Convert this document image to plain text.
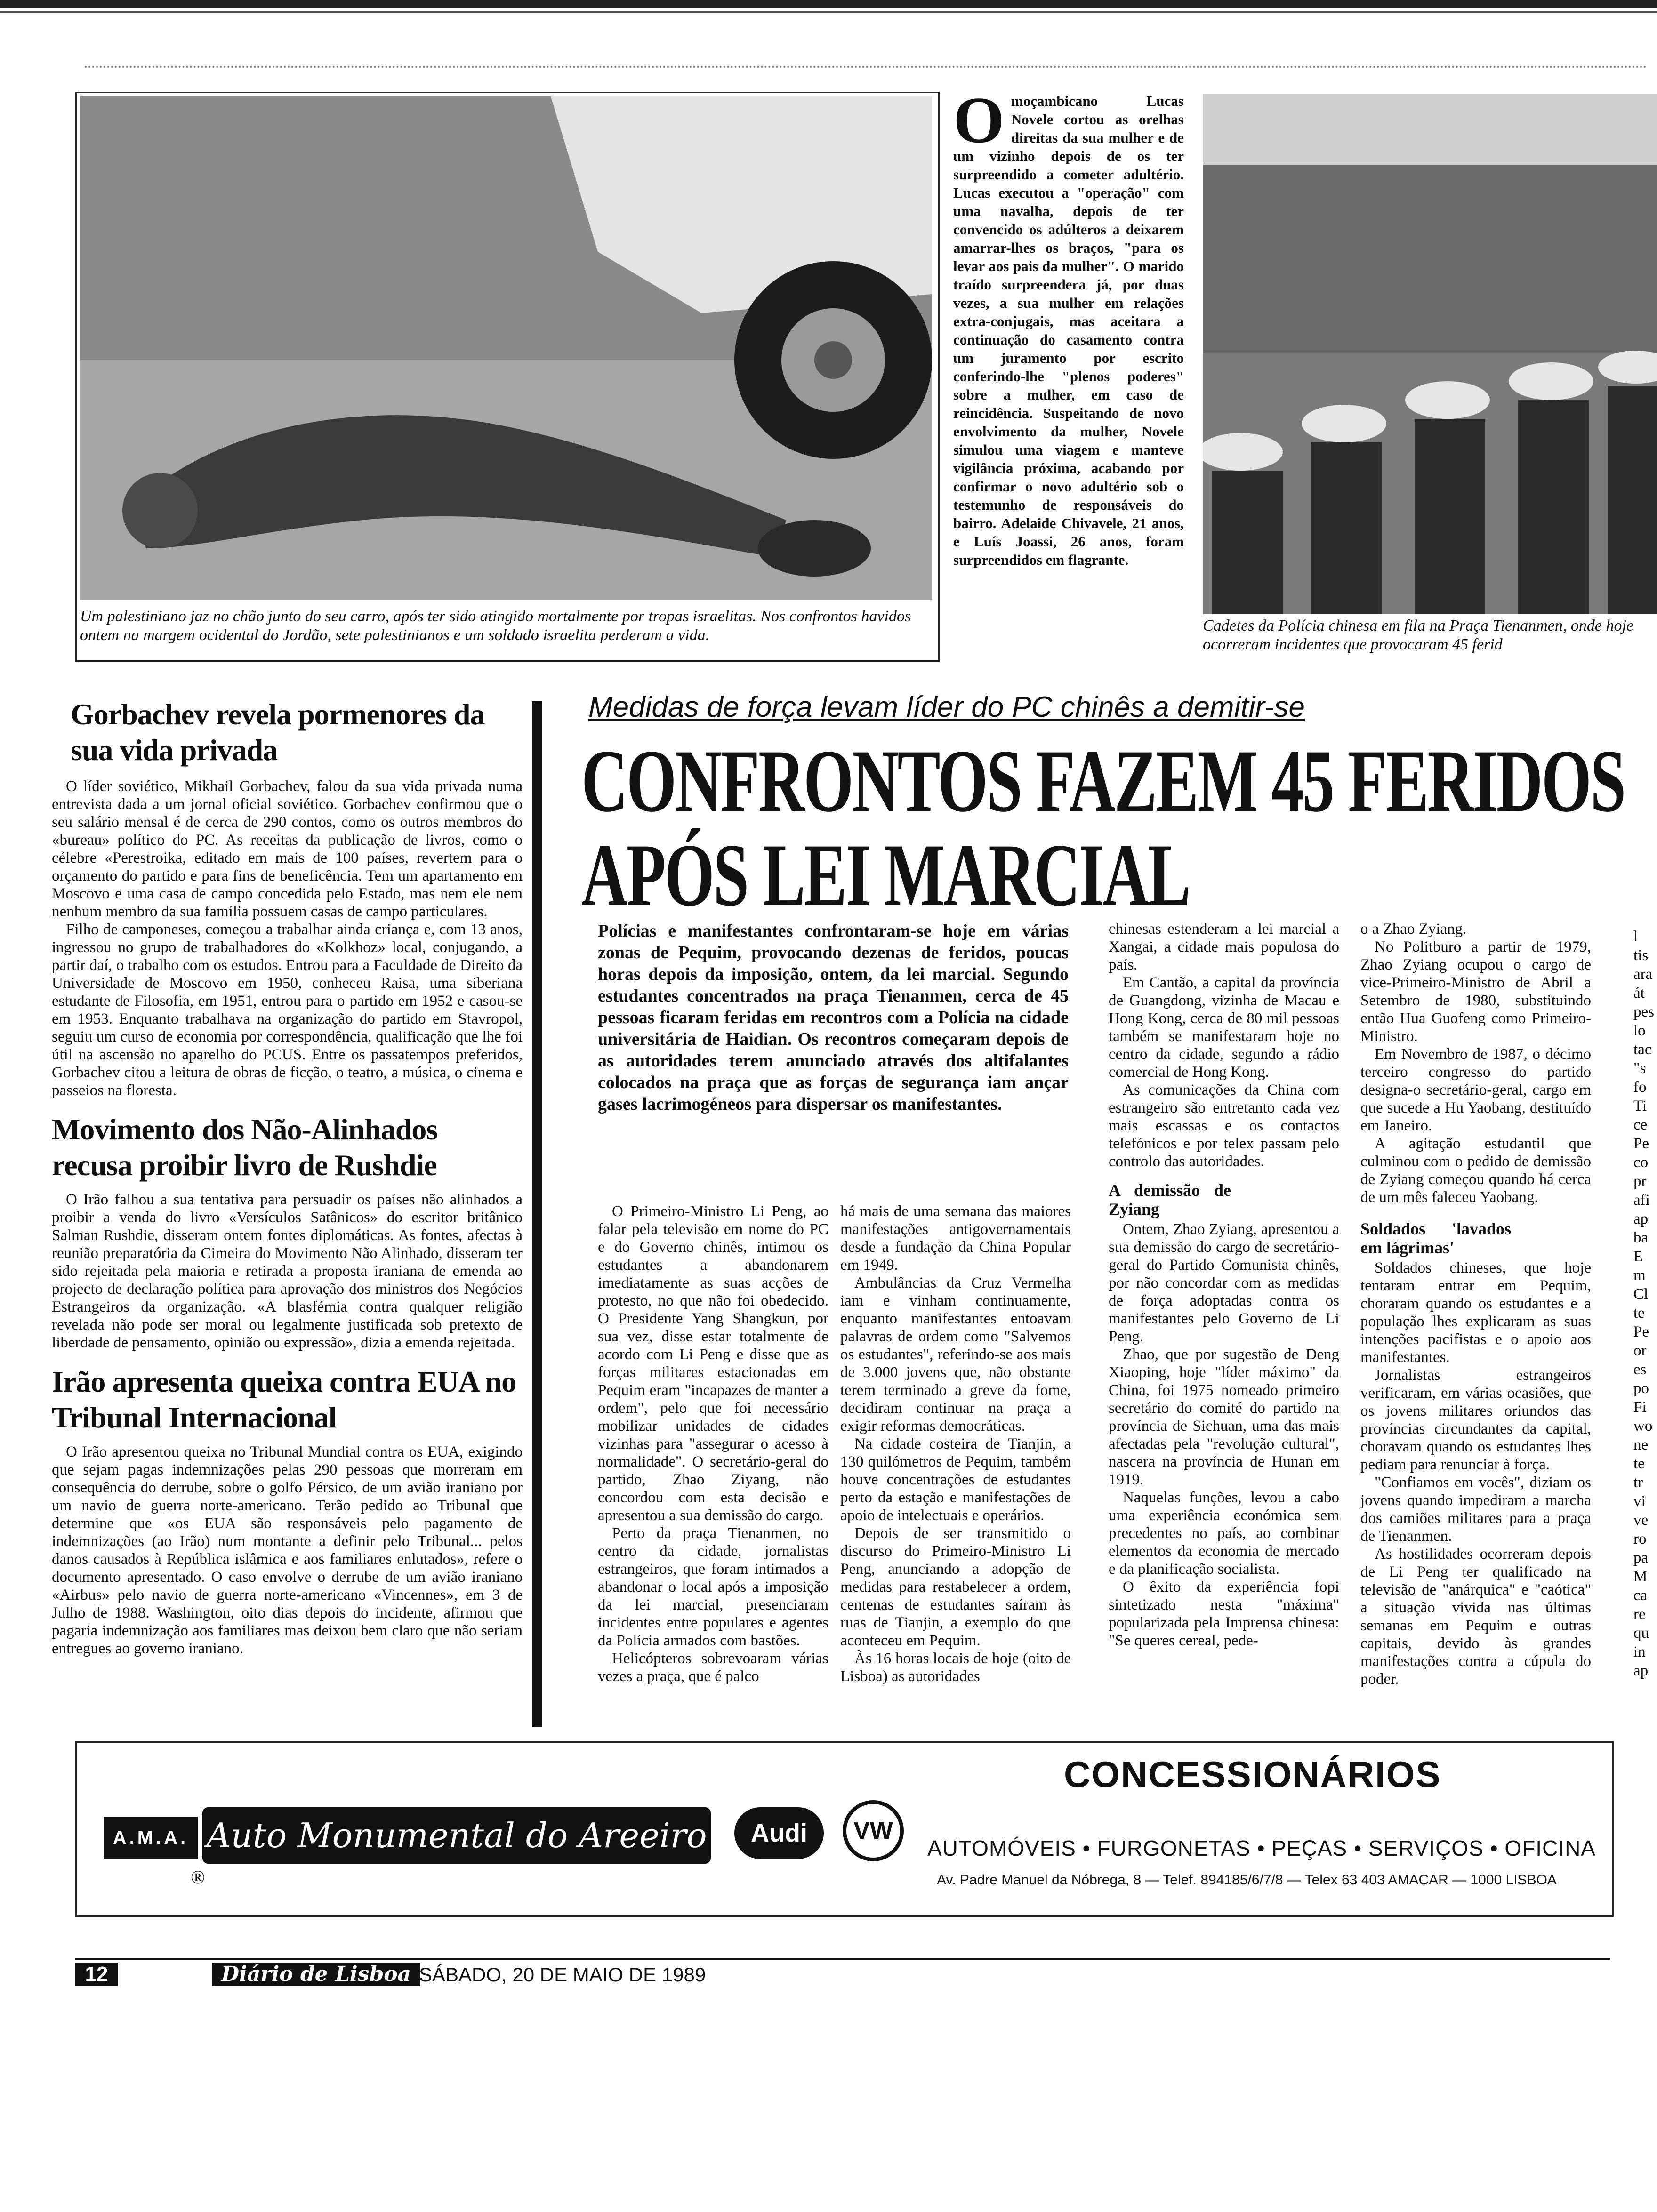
Um palestiniano jaz no chão junto do seu carro, após ter sido atingido mortalmente por tropas israelitas. Nos confrontos havidos ontem na margem ocidental do Jordão, sete palestinianos e um soldado israelita perderam a vida.
O moçambicano Lucas Novele cortou as orelhas direitas da sua mulher e de um vizinho depois de os ter surpreendido a cometer adultério. Lucas executou a "operação" com uma navalha, depois de ter convencido os adúlteros a deixarem amarrar-lhes os braços, "para os levar aos pais da mulher". O marido traído surpreendera já, por duas vezes, a sua mulher em relações extra-conjugais, mas aceitara a continuação do casamento contra um juramento por escrito conferindo-lhe "plenos poderes" sobre a mulher, em caso de reincidência. Suspeitando de novo envolvimento da mulher, Novele simulou uma viagem e manteve vigilância próxima, acabando por confirmar o novo adultério sob o testemunho de responsáveis do bairro. Adelaide Chivavele, 21 anos, e Luís Joassi, 26 anos, foram surpreendidos em flagrante.
Cadetes da Polícia chinesa em fila na Praça Tienanmen, onde hoje ocorreram incidentes que provocaram 45 ferid
Gorbachev revela pormenores da sua vida privada

O líder soviético, Mikhail Gorbachev, falou da sua vida privada numa entrevista dada a um jornal oficial soviético. Gorbachev confirmou que o seu salário mensal é de cerca de 290 contos, como os outros membros do «bureau» político do PC. As receitas da publicação de livros, como o célebre «Perestroika, editado em mais de 100 países, revertem para o orçamento do partido e para fins de beneficência. Tem um apartamento em Moscovo e uma casa de campo concedida pelo Estado, mas nem ele nem nenhum membro da sua família possuem casas de campo particulares.

Filho de camponeses, começou a trabalhar ainda criança e, com 13 anos, ingressou no grupo de trabalhadores do «Kolkhoz» local, conjugando, a partir daí, o trabalho com os estudos. Entrou para a Faculdade de Direito da Universidade de Moscovo em 1950, conheceu Raisa, uma siberiana estudante de Filosofia, em 1951, entrou para o partido em 1952 e casou-se em 1953. Enquanto trabalhava na organização do partido em Stavropol, seguiu um curso de economia por correspondência, qualificação que lhe foi útil na ascensão no aparelho do PCUS. Entre os passatempos preferidos, Gorbachev citou a leitura de obras de ficção, o teatro, a música, o cinema e passeios na floresta.

Movimento dos Não-Alinhados recusa proibir livro de Rushdie

O Irão falhou a sua tentativa para persuadir os países não alinhados a proibir a venda do livro «Versículos Satânicos» do escritor britânico Salman Rushdie, disseram ontem fontes diplomáticas. As fontes, afectas à reunião preparatória da Cimeira do Movimento Não Alinhado, disseram ter sido rejeitada pela maioria e retirada a proposta iraniana de emenda ao projecto de declaração política para aprovação dos ministros dos Negócios Estrangeiros da organização. «A blasfémia contra qualquer religião revelada não pode ser moral ou legalmente justificada sob pretexto de liberdade de pensamento, opinião ou expressão», dizia a emenda rejeitada.

Irão apresenta queixa contra EUA no Tribunal Internacional

O Irão apresentou queixa no Tribunal Mundial contra os EUA, exigindo que sejam pagas indemnizações pelas 290 pessoas que morreram em consequência do derrube, sobre o golfo Pérsico, de um avião iraniano por um navio de guerra norte-americano. Terão pedido ao Tribunal que determine que «os EUA são responsáveis pelo pagamento de indemnizações (ao Irão) num montante a definir pelo Tribunal... pelos danos causados à República islâmica e aos familiares enlutados», refere o documento apresentado. O caso envolve o derrube de um avião iraniano «Airbus» pelo navio de guerra norte-americano «Vincennes», em 3 de Julho de 1988. Washington, oito dias depois do incidente, afirmou que pagaria indemnização aos familiares mas deixou bem claro que não seriam entregues ao governo iraniano.

Medidas de força levam líder do PC chinês a demitir-se
CONFRONTOS FAZEM 45 FERIDOS
APÓS LEI MARCIAL
Polícias e manifestantes confrontaram-se hoje em várias zonas de Pequim, provocando dezenas de feridos, poucas horas depois da imposição, ontem, da lei marcial. Segundo estudantes concentrados na praça Tienanmen, cerca de 45 pessoas ficaram feridas em recontros com a Polícia na cidade universitária de Haidian. Os recontros começaram depois de as autoridades terem anunciado através dos altifalantes colocados na praça que as forças de segurança iam ançar gases lacrimogéneos para dispersar os manifestantes.

O Primeiro-Ministro Li Peng, ao falar pela televisão em nome do PC e do Governo chinês, intimou os estudantes a abandonarem imediatamente as suas acções de protesto, no que não foi obedecido. O Presidente Yang Shangkun, por sua vez, disse estar totalmente de acordo com Li Peng e disse que as forças militares estacionadas em Pequim eram "incapazes de manter a ordem", pelo que foi necessário mobilizar unidades de cidades vizinhas para "assegurar o acesso à normalidade". O secretário-geral do partido, Zhao Ziyang, não concordou com esta decisão e apresentou a sua demissão do cargo.

Perto da praça Tienanmen, no centro da cidade, jornalistas estrangeiros, que foram intimados a abandonar o local após a imposição da lei marcial, presenciaram incidentes entre populares e agentes da Polícia armados com bastões.

Helicópteros sobrevoaram várias vezes a praça, que é palco

há mais de uma semana das maiores manifestações antigovernamentais desde a fundação da China Popular em 1949.

Ambulâncias da Cruz Vermelha iam e vinham continuamente, enquanto manifestantes entoavam palavras de ordem como "Salvemos os estudantes", referindo-se aos mais de 3.000 jovens que, não obstante terem terminado a greve da fome, decidiram continuar na praça a exigir reformas democráticas.

Na cidade costeira de Tianjin, a 130 quilómetros de Pequim, também houve concentrações de estudantes perto da estação e manifestações de apoio de intelectuais e operários.

Depois de ser transmitido o discurso do Primeiro-Ministro Li Peng, anunciando a adopção de medidas para restabelecer a ordem, centenas de estudantes saíram às ruas de Tianjin, a exemplo do que aconteceu em Pequim.

Às 16 horas locais de hoje (oito de Lisboa) as autoridades

chinesas estenderam a lei marcial a Xangai, a cidade mais populosa do país.

Em Cantão, a capital da província de Guangdong, vizinha de Macau e Hong Kong, cerca de 80 mil pessoas também se manifestaram hoje no centro da cidade, segundo a rádio comercial de Hong Kong.

As comunicações da China com estrangeiro são entretanto cada vez mais escassas e os contactos telefónicos e por telex passam pelo controlo das autoridades.

A demissão de Zyiang

Ontem, Zhao Zyiang, apresentou a sua demissão do cargo de secretário-geral do Partido Comunista chinês, por não concordar com as medidas de força adoptadas contra os manifestantes pelo Governo de Li Peng.

Zhao, que por sugestão de Deng Xiaoping, hoje "líder máximo" da China, foi 1975 nomeado primeiro secretário do comité do partido na província de Sichuan, uma das mais afectadas pela "revolução cultural", nascera na província de Hunan em 1919.

Naquelas funções, levou a cabo uma experiência económica sem precedentes no país, ao combinar elementos da economia de mercado e da planificação socialista.

O êxito da experiência fopi sintetizado nesta "máxima" popularizada pela Imprensa chinesa: "Se queres cereal, pede-

o a Zhao Zyiang.

No Politburo a partir de 1979, Zhao Zyiang ocupou o cargo de vice-Primeiro-Ministro de Abril a Setembro de 1980, substituindo então Hua Guofeng como Primeiro-Ministro.

Em Novembro de 1987, o décimo terceiro congresso do partido designa-o secretário-geral, cargo em que sucede a Hu Yaobang, destituído em Janeiro.

A agitação estudantil que culminou com o pedido de demissão de Zyiang começou quando há cerca de um mês faleceu Yaobang.

Soldados 'lavados em lágrimas'

Soldados chineses, que hoje tentaram entrar em Pequim, choraram quando os estudantes e a população lhes explicaram as suas intenções pacifistas e o apoio aos manifestantes.

Jornalistas estrangeiros verificaram, em várias ocasiões, que os jovens militares oriundos das províncias circundantes da capital, choravam quando os estudantes lhes pediam para renunciar à força.

"Confiamos em vocês", diziam os jovens quando impediram a marcha dos camiões militares para a praça de Tienanmen.

As hostilidades ocorreram depois de Li Peng ter qualificado na televisão de "anárquica" e "caótica" a situação vivida nas últimas semanas em Pequim e outras capitais, devido às grandes manifestações contra a cúpula do poder.

l
tis
ara
át
pes
lo
tac
"s
fo
Ti
ce
Pe
co
pr
afi
ap
ba
E
m
Cl
te
Pe
or
es
po
Fi
wo
ne
te
tr
vi
ve
ro
pa
M
ca
re
qu
in
ap
A.M.A. Auto Monumental do Areeiro
®
Audi	VW
CONCESSIONÁRIOS
AUTOMÓVEIS • FURGONETAS • PEÇAS • SERVIÇOS • OFICINA
Av. Padre Manuel da Nóbrega, 8 — Telef. 894185/6/7/8 — Telex 63 403 AMACAR — 1000 LISBOA
12	Diário de Lisboa SÁBADO, 20 DE MAIO DE 1989
